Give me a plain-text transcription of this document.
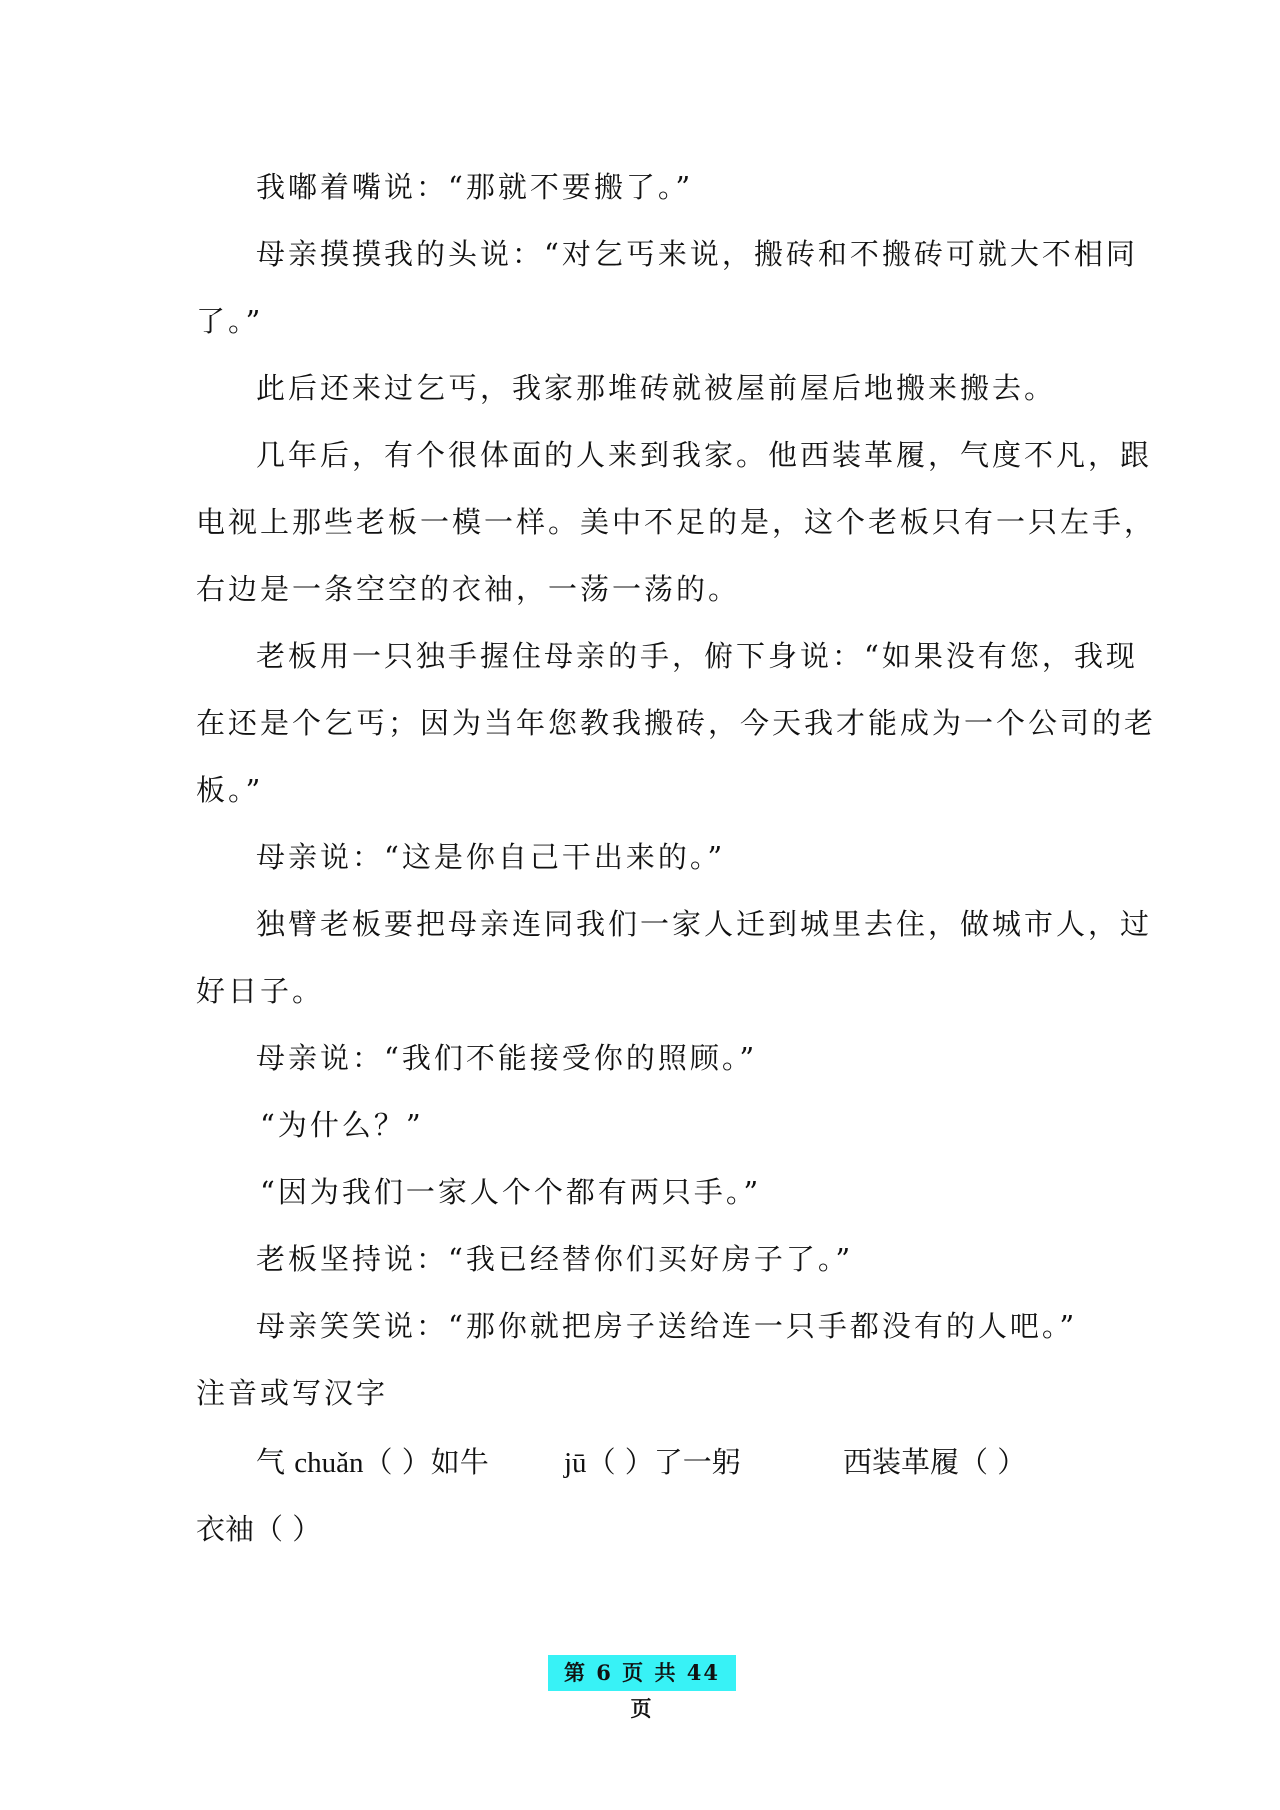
我嘟着嘴说：“那就不要搬了。”
母亲摸摸我的头说：“对乞丐来说，搬砖和不搬砖可就大不相同
了。”
此后还来过乞丐，我家那堆砖就被屋前屋后地搬来搬去。
几年后，有个很体面的人来到我家。他西装革履，气度不凡，跟
电视上那些老板一模一样。美中不足的是，这个老板只有一只左手，
右边是一条空空的衣袖，一荡一荡的。
老板用一只独手握住母亲的手，俯下身说：“如果没有您，我现
在还是个乞丐；因为当年您教我搬砖，今天我才能成为一个公司的老
板。”
母亲说：“这是你自己干出来的。”
独臂老板要把母亲连同我们一家人迁到城里去住，做城市人，过
好日子。
母亲说：“我们不能接受你的照顾。”
“为什么？”
“因为我们一家人个个都有两只手。”
老板坚持说：“我已经替你们买好房子了。”
母亲笑笑说：“那你就把房子送给连一只手都没有的人吧。”
注音或写汉字
气 chuǎn（ ）如牛	jū（ ）了一躬	西装革履（ ）
衣袖（ ）
第 6 页 共 44 页
